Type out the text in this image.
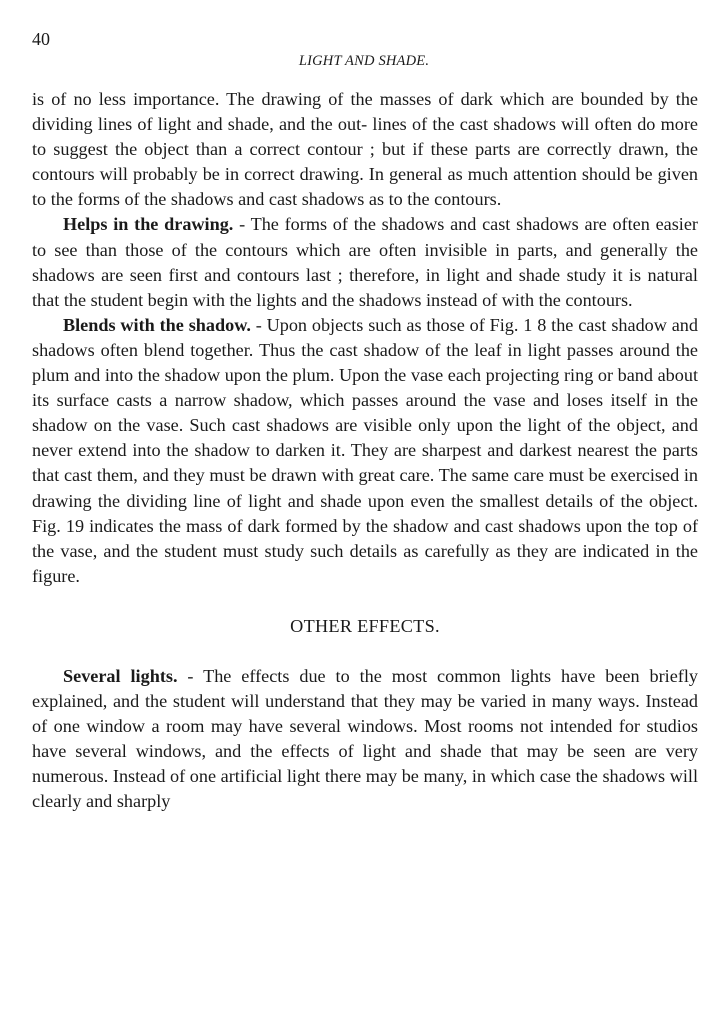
40
LIGHT AND SHADE.

is of no less importance. The drawing of the masses of dark which are bounded by the dividing lines of light and shade, and the out- lines of the cast shadows will often do more to suggest the object than a correct contour ; but if these parts are correctly drawn, the contours will probably be in correct drawing. In general as much attention should be given to the forms of the shadows and cast shadows as to the contours.

Helps in the drawing. - The forms of the shadows and cast shadows are often easier to see than those of the contours which are often invisible in parts, and generally the shadows are seen first and contours last ; therefore, in light and shade study it is natural that the student begin with the lights and the shadows instead of with the contours.

Blends with the shadow. - Upon objects such as those of Fig. 1 8 the cast shadow and shadows often blend together. Thus the cast shadow of the leaf in light passes around the plum and into the shadow upon the plum. Upon the vase each projecting ring or band about its surface casts a narrow shadow, which passes around the vase and loses itself in the shadow on the vase. Such cast shadows are visible only upon the light of the object, and never extend into the shadow to darken it. They are sharpest and darkest nearest the parts that cast them, and they must be drawn with great care. The same care must be exercised in drawing the dividing line of light and shade upon even the smallest details of the object. Fig. 19 indicates the mass of dark formed by the shadow and cast shadows upon the top of the vase, and the student must study such details as carefully as they are indicated in the figure.

OTHER EFFECTS.

Several lights. - The effects due to the most common lights have been briefly explained, and the student will understand that they may be varied in many ways. Instead of one window a room may have several windows. Most rooms not intended for studios have several windows, and the effects of light and shade that may be seen are very numerous. Instead of one artificial light there may be many, in which case the shadows will clearly and sharply
